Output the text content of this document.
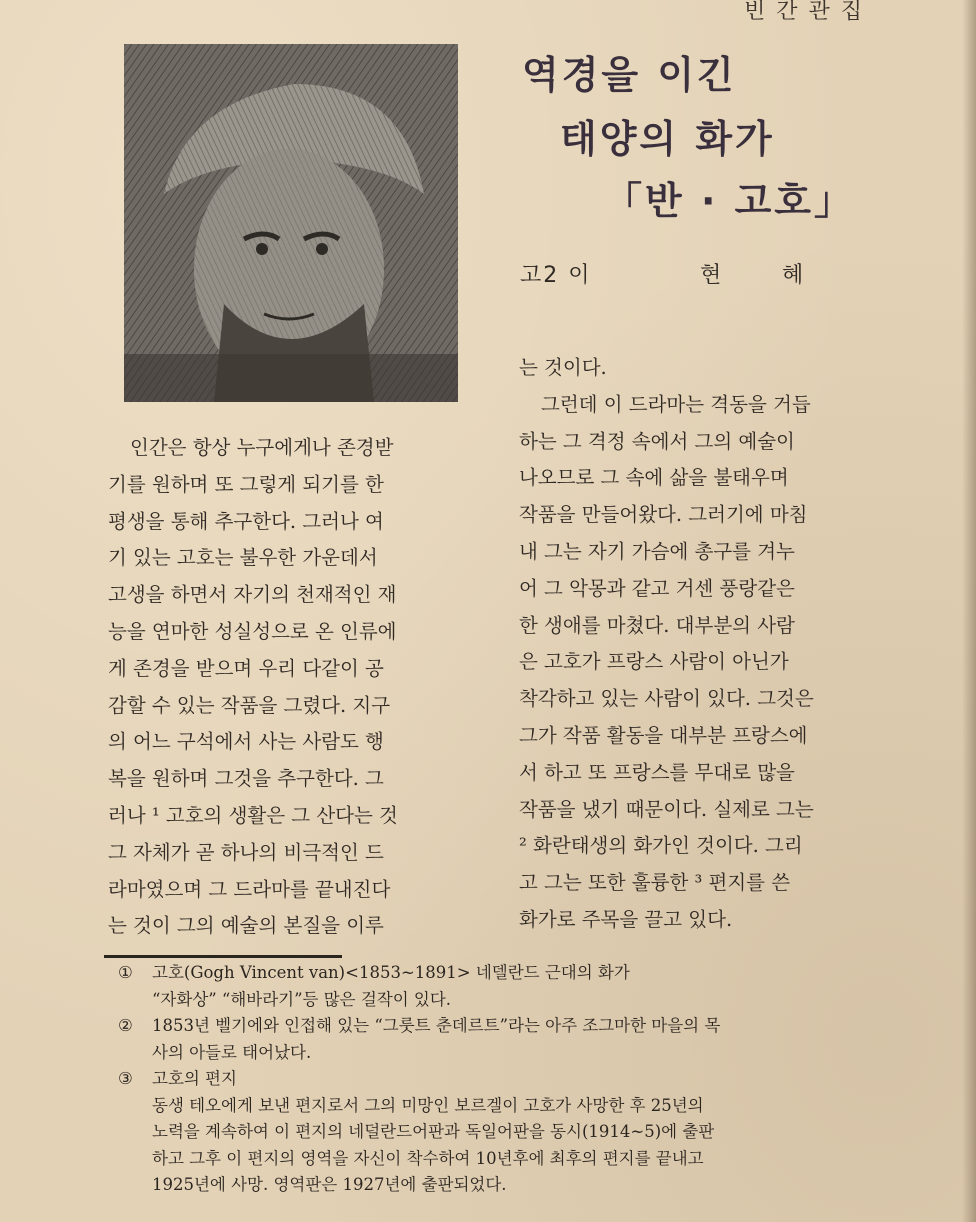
빈 간 관 집
역경을 이긴
태양의 화가
「반 · 고호」
고2 이	현	혜
인간은 항상 누구에게나 존경받
기를 원하며 또 그렇게 되기를 한
평생을 통해 추구한다. 그러나 여
기 있는 고호는 불우한 가운데서
고생을 하면서 자기의 천재적인 재
능을 연마한 성실성으로 온 인류에
게 존경을 받으며 우리 다같이 공
감할 수 있는 작품을 그렸다. 지구
의 어느 구석에서 사는 사람도 행
복을 원하며 그것을 추구한다. 그
러나 ¹ 고호의 생활은 그 산다는 것
그 자체가 곧 하나의 비극적인 드
라마였으며 그 드라마를 끝내진다
는 것이 그의 예술의 본질을 이루
는 것이다.
그런데 이 드라마는 격동을 거듭
하는 그 격정 속에서 그의 예술이
나오므로 그 속에 삶을 불태우며
작품을 만들어왔다. 그러기에 마침
내 그는 자기 가슴에 총구를 겨누
어 그 악몽과 같고 거센 풍랑같은
한 생애를 마쳤다. 대부분의 사람
은 고호가 프랑스 사람이 아닌가
착각하고 있는 사람이 있다. 그것은
그가 작품 활동을 대부분 프랑스에
서 하고 또 프랑스를 무대로 많을
작품을 냈기 때문이다. 실제로 그는
² 화란태생의 화가인 것이다. 그리
고 그는 또한 훌륭한 ³ 편지를 쓴
화가로 주목을 끌고 있다.
① 고호(Gogh Vincent van)<1853~1891> 네델란드 근대의 화가
“자화상” “해바라기”등 많은 걸작이 있다.
② 1853년 벨기에와 인접해 있는 “그룻트 춘데르트”라는 아주 조그마한 마을의 목
사의 아들로 태어났다.
③ 고호의 편지
동생 테오에게 보낸 편지로서 그의 미망인 보르겔이 고호가 사망한 후 25년의
노력을 계속하여 이 편지의 네덜란드어판과 독일어판을 동시(1914~5)에 출판
하고 그후 이 편지의 영역을 자신이 착수하여 10년후에 최후의 편지를 끝내고
1925년에 사망. 영역판은 1927년에 출판되었다.
